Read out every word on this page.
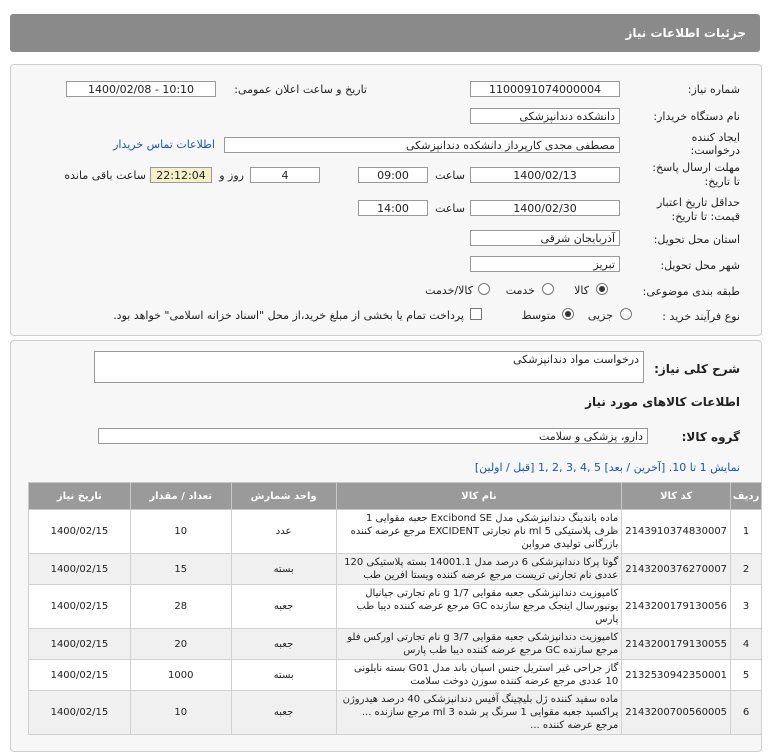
جزئیات اطلاعات نیاز
شماره نیاز:
1100091074000004
تاریخ و ساعت اعلان عمومی:
1400/02/08 - 10:10
نام دستگاه خریدار:
دانشکده دندانپزشکی
ایجاد کننده
درخواست:
مصطفی مجدی کارپرداز دانشکده دندانپزشکی
اطلاعات تماس خریدار
مهلت ارسال پاسخ:
تا تاریخ:
1400/02/13
ساعت
09:00
4
روز و
22:12:04
ساعت باقی مانده
حداقل تاریخ اعتبار
قیمت: تا تاریخ:
1400/02/30
ساعت
14:00
استان محل تحویل:
آذربایجان شرقی
شهر محل تحویل:
تبریز
طبقه بندی موضوعی:
کالا
خدمت
کالا/خدمت
نوع فرآیند خرید :
جزیی
متوسط
پرداخت تمام یا بخشی از مبلغ خرید،از محل "اسناد خزانه اسلامی" خواهد بود.
شرح کلی نیاز:
درخواست مواد دندانپزشکی
اطلاعات کالاهای مورد نیاز
گروه کالا:
دارو، پزشکی و سلامت
نمایش 1 تا 10. [آخرین / بعد] 5 ,4 ,3 ,2 ,1 [قبل / اولین]
ردیف	کد کالا	نام کالا	واحد شمارش	تعداد / مقدار	تاریخ نیاز
1	2143910374830007	ماده باندینگ دندانپزشکی مدل Excibond SE جعبه مقوایی 1 ظرف پلاستیکی 5 ml نام تجارتی EXCIDENT مرجع عرضه کننده بازرگانی تولیدی مروابن	عدد	10	1400/02/15
2	2143200376270007	گوتا پرکا دندانپزشکی 6 درصد مدل 14001.1 بسته پلاستیکی 120 عددی نام تجارتی تریست مرجع عرضه کننده ویستا افرین طب	بسته	15	1400/02/15
3	2143200179130056	کامپوزیت دندانپزشکی جعبه مقوایی 1/7 g نام تجارتی جیانیال یونیورسال اینجک مرجع سازنده GC مرجع عرضه کننده دیبا طب پارس	جعبه	28	1400/02/15
4	2143200179130055	کامپوزیت دندانپزشکی جعبه مقوایی 3/7 g نام تجارتی اورکس فلو مرجع سازنده GC مرجع عرضه کننده دیبا طب پارس	جعبه	20	1400/02/15
5	2132530942350001	گاز جراحی غیر استریل جنس اسپان باند مدل G01 بسته نایلونی 10 عددی مرجع عرضه کننده سوزن دوخت سلامت	بسته	1000	1400/02/15
6	2143200700560005	ماده سفید کننده ژل بلیچینگ آفیس دندانپزشکی 40 درصد هیدروژن پراکسید جعبه مقوایی 1 سرنگ پر شده 3 ml مرجع سازنده ... مرجع عرضه کننده ...	جعبه	10	1400/02/15
